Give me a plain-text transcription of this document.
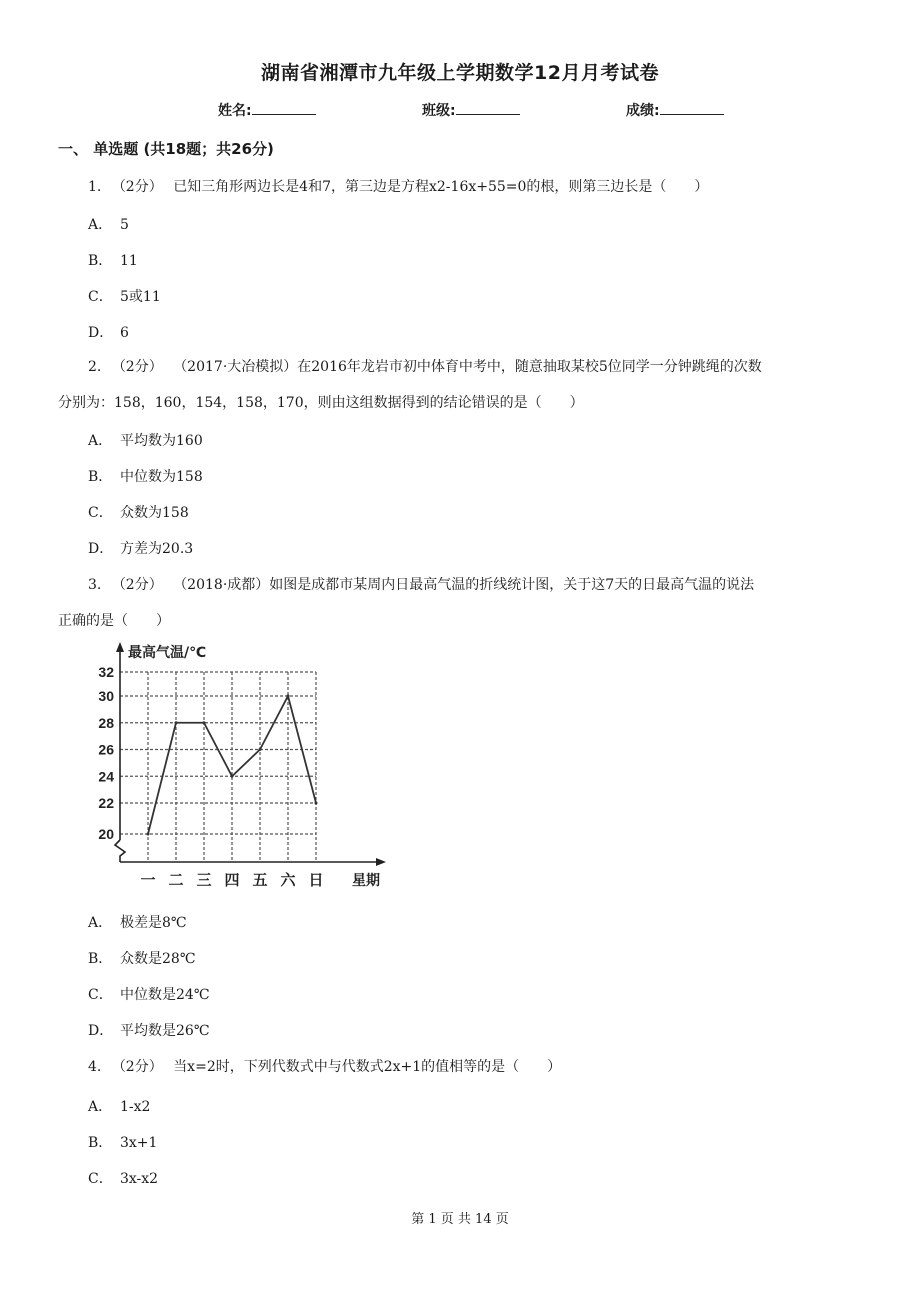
湖南省湘潭市九年级上学期数学12月月考试卷
姓名:	班级:	成绩:
一、 单选题 (共18题；共26分)
1. （2分） 已知三角形两边长是4和7，第三边是方程x2-16x+55=0的根，则第三边长是（　　）
A． 5
B． 11
C． 5或11
D． 6
2. （2分） （2017·大冶模拟）在2016年龙岩市初中体育中考中，随意抽取某校5位同学一分钟跳绳的次数
分别为：158，160，154，158，170，则由这组数据得到的结论错误的是（　　）
A． 平均数为160
B． 中位数为158
C． 众数为158
D． 方差为20.3
3. （2分） （2018·成都）如图是成都市某周内日最高气温的折线统计图，关于这7天的日最高气温的说法
正确的是（　　）
20
22
24
26
28
30
32
一 二 三 四 五 六 日
最高气温/℃
星期
A． 极差是8℃
B． 众数是28℃
C． 中位数是24℃
D． 平均数是26℃
4. （2分） 当x=2时，下列代数式中与代数式2x+1的值相等的是（　　）
A． 1-x2
B． 3x+1
C． 3x-x2
第 1 页 共 14 页
